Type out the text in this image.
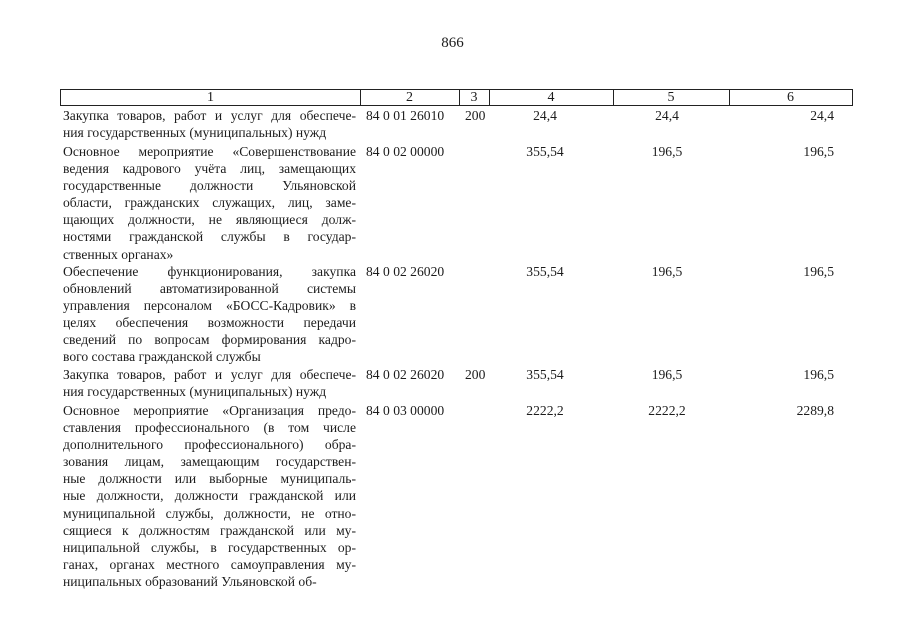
866
1	2	3	4	5	6
Закупка товаров, работ и услуг для обеспече-
ния государственных (муниципальных) нужд
84 0 01 26010 200	24,4	24,4	24,4
Основное мероприятие «Совершенствование
ведения кадрового учёта лиц, замещающих
государственные должности Ульяновской
области, гражданских служащих, лиц, заме-
щающих должности, не являющиеся долж-
ностями гражданской службы в государ-
ственных органах»
84 0 02 00000	355,54	196,5	196,5
Обеспечение функционирования, закупка
обновлений автоматизированной системы
управления персоналом «БОСС-Кадровик» в
целях обеспечения возможности передачи
сведений по вопросам формирования кадро-
вого состава гражданской службы
84 0 02 26020	355,54	196,5	196,5
Закупка товаров, работ и услуг для обеспече-
ния государственных (муниципальных) нужд
84 0 02 26020 200	355,54	196,5	196,5
Основное мероприятие «Организация предо-
ставления профессионального (в том числе
дополнительного профессионального) обра-
зования лицам, замещающим государствен-
ные должности или выборные муниципаль-
ные должности, должности гражданской или
муниципальной службы, должности, не отно-
сящиеся к должностям гражданской или му-
ниципальной службы, в государственных ор-
ганах, органах местного самоуправления му-
ниципальных образований Ульяновской об-
84 0 03 00000	2222,2	2222,2	2289,8
